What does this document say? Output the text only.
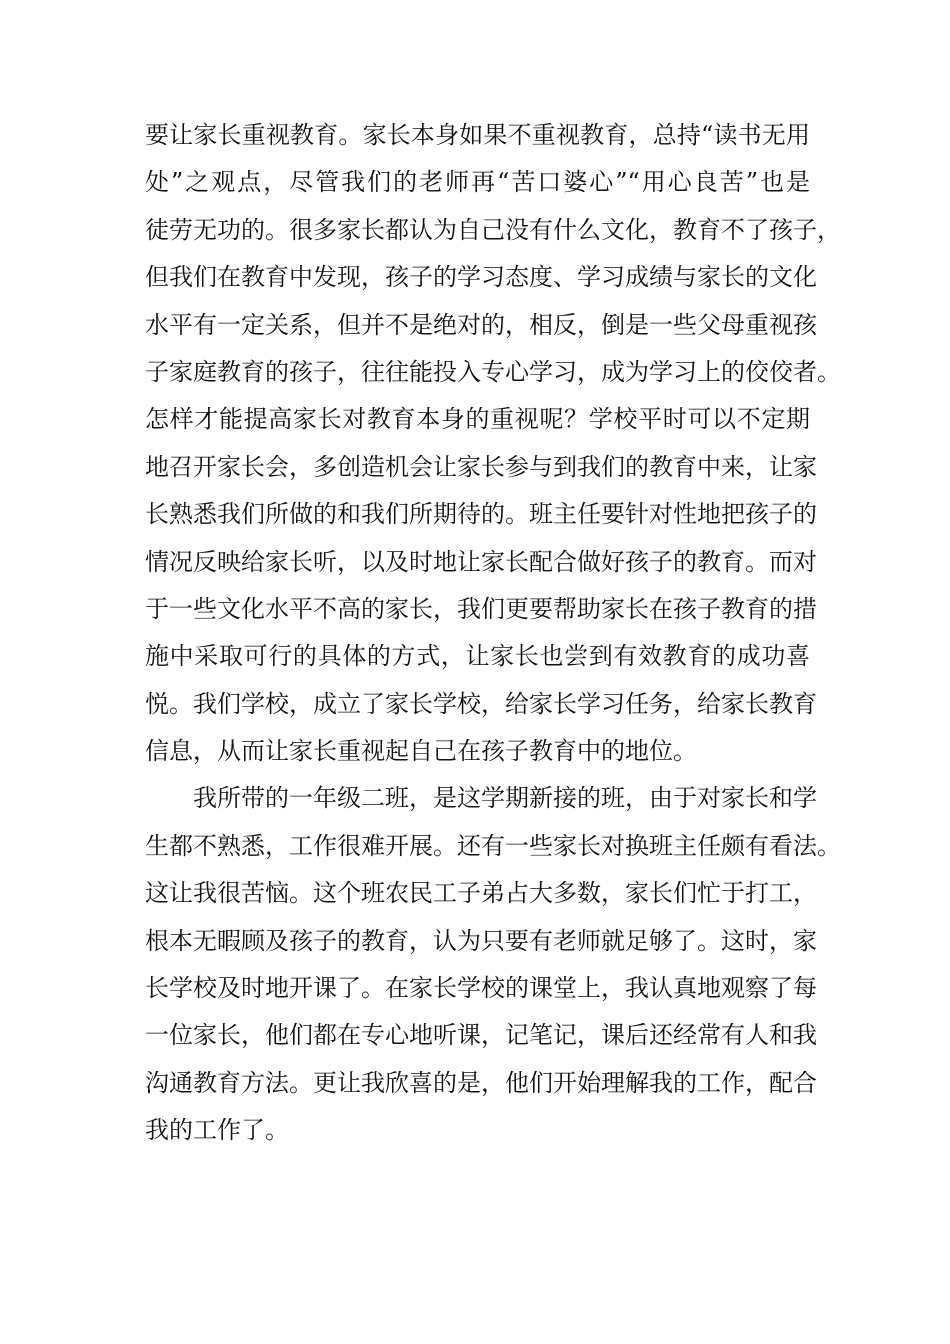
要让家长重视教育。家长本身如果不重视教育，总持“读书无用
处”之观点，尽管我们的老师再“苦口婆心”“用心良苦”也是
徒劳无功的。很多家长都认为自己没有什么文化，教育不了孩子，
但我们在教育中发现，孩子的学习态度、学习成绩与家长的文化
水平有一定关系，但并不是绝对的，相反，倒是一些父母重视孩
子家庭教育的孩子，往往能投入专心学习，成为学习上的佼佼者。
怎样才能提高家长对教育本身的重视呢？学校平时可以不定期
地召开家长会，多创造机会让家长参与到我们的教育中来，让家
长熟悉我们所做的和我们所期待的。班主任要针对性地把孩子的
情况反映给家长听，以及时地让家长配合做好孩子的教育。而对
于一些文化水平不高的家长，我们更要帮助家长在孩子教育的措
施中采取可行的具体的方式，让家长也尝到有效教育的成功喜
悦。我们学校，成立了家长学校，给家长学习任务，给家长教育
信息，从而让家长重视起自己在孩子教育中的地位。
我所带的一年级二班，是这学期新接的班，由于对家长和学
生都不熟悉，工作很难开展。还有一些家长对换班主任颇有看法。
这让我很苦恼。这个班农民工子弟占大多数，家长们忙于打工，
根本无暇顾及孩子的教育，认为只要有老师就足够了。这时，家
长学校及时地开课了。在家长学校的课堂上，我认真地观察了每
一位家长，他们都在专心地听课，记笔记，课后还经常有人和我
沟通教育方法。更让我欣喜的是，他们开始理解我的工作，配合
我的工作了。
